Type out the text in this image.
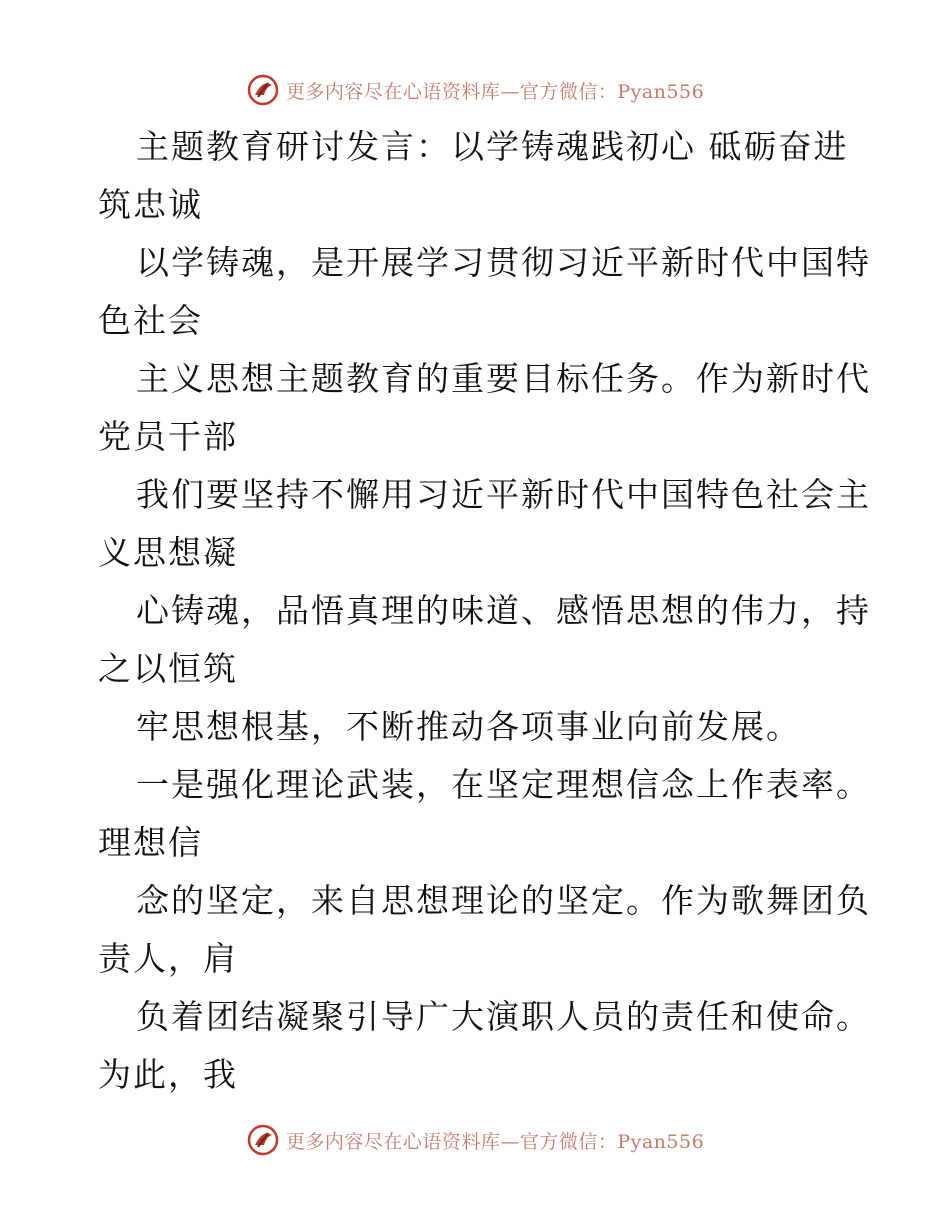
更多内容尽在心语资料库—官方微信：Pyan556
主题教育研讨发言：以学铸魂践初心 砥砺奋进
筑忠诚
以学铸魂，是开展学习贯彻习近平新时代中国特
色社会
主义思想主题教育的重要目标任务。作为新时代
党员干部
我们要坚持不懈用习近平新时代中国特色社会主
义思想凝
心铸魂，品悟真理的味道、感悟思想的伟力，持
之以恒筑
牢思想根基，不断推动各项事业向前发展。
一是强化理论武装，在坚定理想信念上作表率。
理想信
念的坚定，来自思想理论的坚定。作为歌舞团负
责人，肩
负着团结凝聚引导广大演职人员的责任和使命。
为此，我
更多内容尽在心语资料库—官方微信：Pyan556
